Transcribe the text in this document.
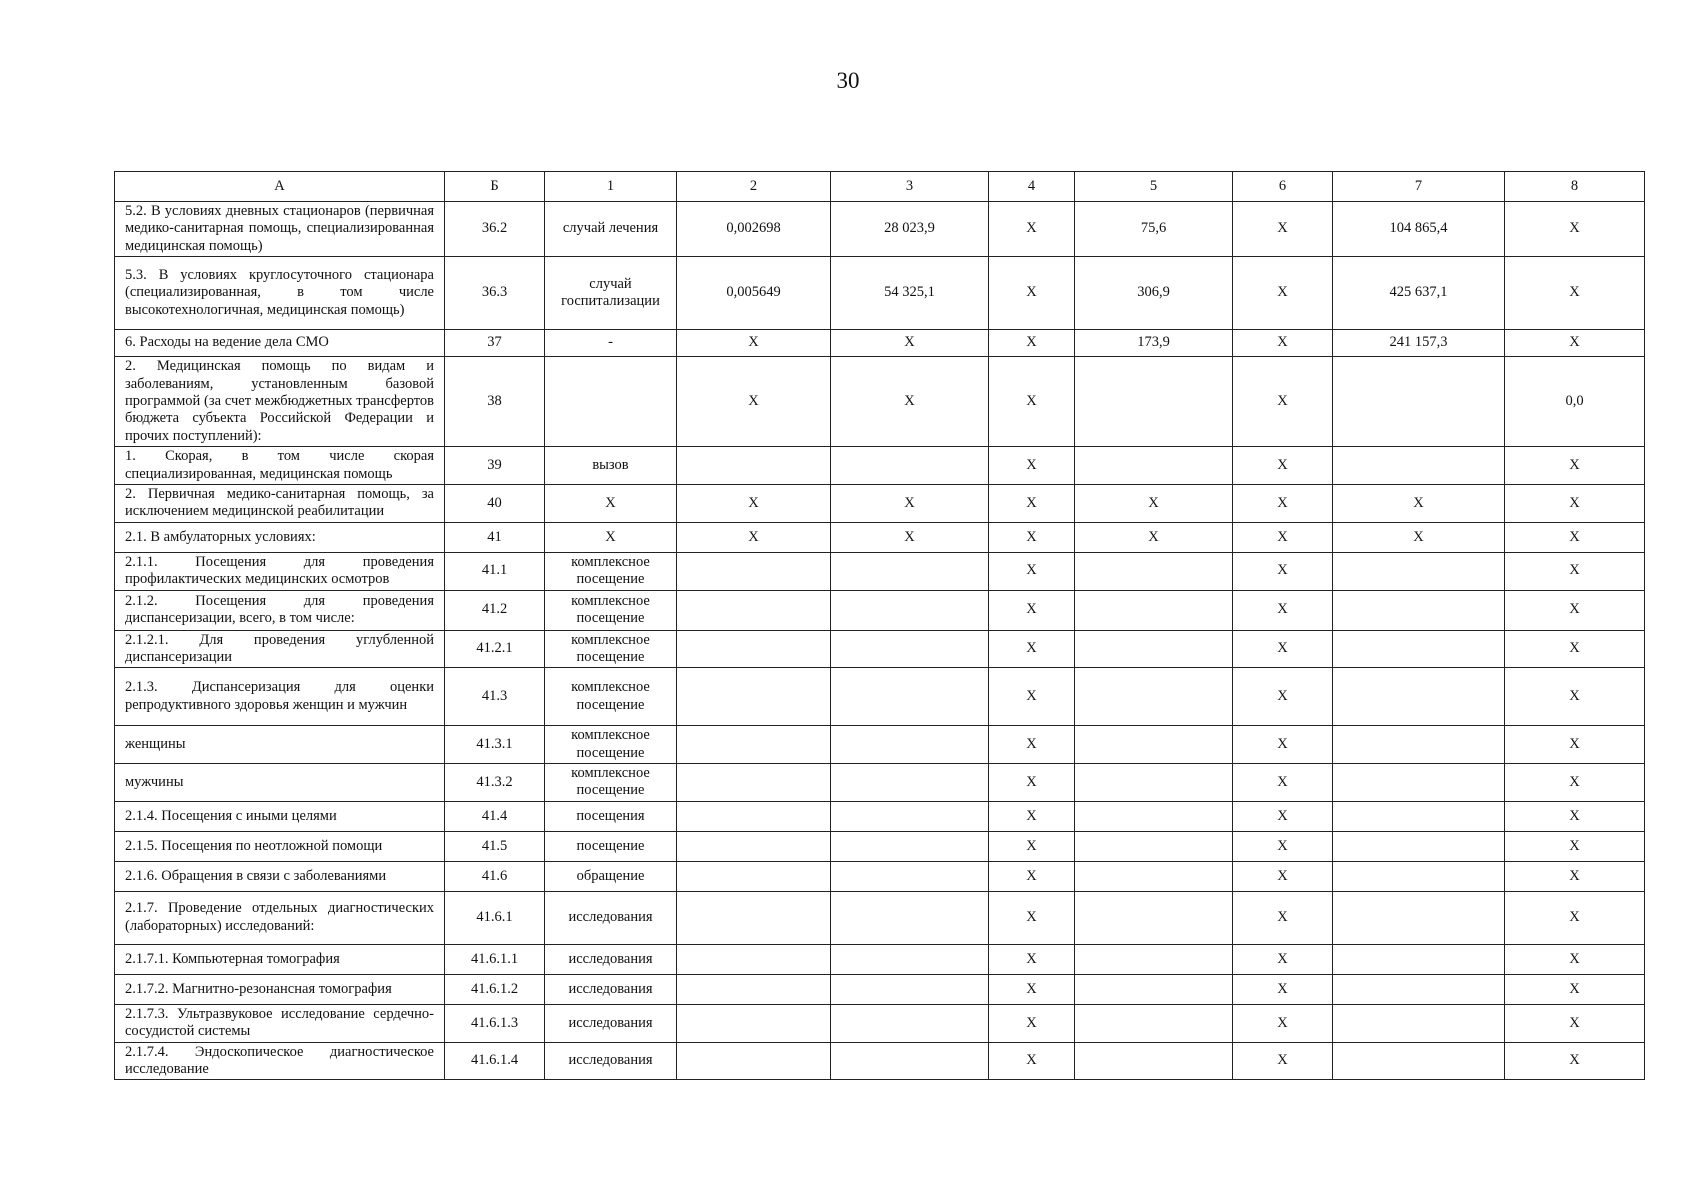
30
А	Б	1	2	3	4	5	6	7	8
5.2. В условиях дневных стационаров (первичная медико-санитарная помощь, специализированная медицинская помощь)	36.2	случай лечения	0,002698	28 023,9	X	75,6	X	104 865,4	X
5.3. В условиях круглосуточного стационара (специализированная, в том числе высокотехнологичная, медицинская помощь)	36.3	случай госпитализации	0,005649	54 325,1	X	306,9	X	425 637,1	X
6. Расходы на ведение дела СМО	37	-	X	X	X	173,9	X	241 157,3	X
2. Медицинская помощь по видам и заболеваниям, установленным базовой программой (за счет межбюджетных трансфертов бюджета субъекта Российской Федерации и прочих поступлений):	38		X	X	X		X		0,0
1. Скорая, в том числе скорая специализированная, медицинская помощь	39	вызов			X		X		X
2. Первичная медико-санитарная помощь, за исключением медицинской реабилитации	40	X	X	X	X	X	X	X	X
2.1. В амбулаторных условиях:	41	X	X	X	X	X	X	X	X
2.1.1. Посещения для проведения профилактических медицинских осмотров	41.1	комплексное посещение			X		X		X
2.1.2. Посещения для проведения диспансеризации, всего, в том числе:	41.2	комплексное посещение			X		X		X
2.1.2.1. Для проведения углубленной диспансеризации	41.2.1	комплексное посещение			X		X		X
2.1.3. Диспансеризация для оценки репродуктивного здоровья женщин и мужчин	41.3	комплексное посещение			X		X		X
женщины	41.3.1	комплексное посещение			X		X		X
мужчины	41.3.2	комплексное посещение			X		X		X
2.1.4. Посещения с иными целями	41.4	посещения			X		X		X
2.1.5. Посещения по неотложной помощи	41.5	посещение			X		X		X
2.1.6. Обращения в связи с заболеваниями	41.6	обращение			X		X		X
2.1.7. Проведение отдельных диагностических (лабораторных) исследований:	41.6.1	исследования			X		X		X
2.1.7.1. Компьютерная томография	41.6.1.1	исследования			X		X		X
2.1.7.2. Магнитно-резонансная томография	41.6.1.2	исследования			X		X		X
2.1.7.3. Ультразвуковое исследование сердечно-сосудистой системы	41.6.1.3	исследования			X		X		X
2.1.7.4. Эндоскопическое диагностическое исследование	41.6.1.4	исследования			X		X		X
